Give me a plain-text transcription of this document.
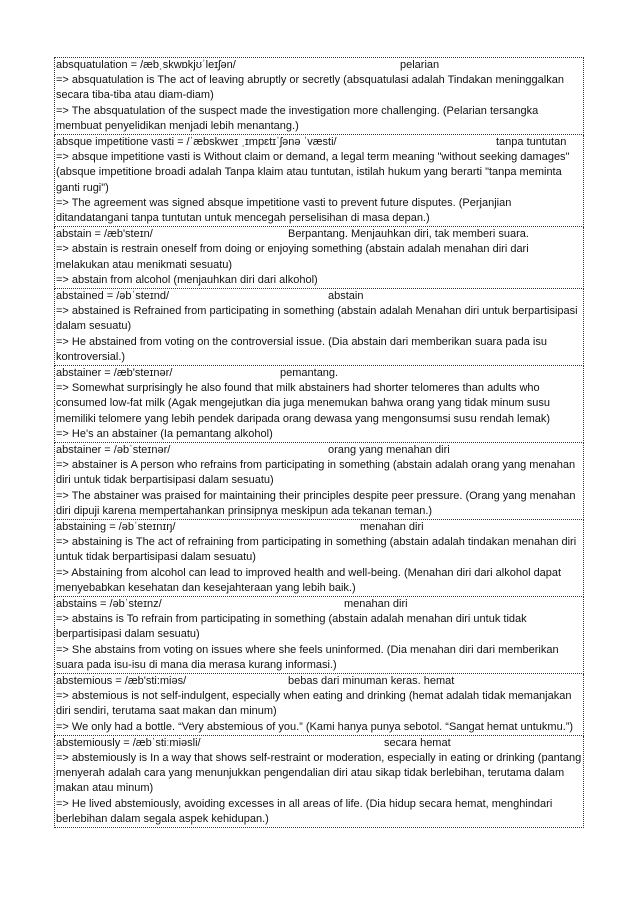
absquatulation = /æbˌskwɒkjʊˈleɪʃən/	pelarian
=> absquatulation is The act of leaving abruptly or secretly (absquatulasi adalah Tindakan meninggalkan secara tiba-tiba atau diam-diam)
=> The absquatulation of the suspect made the investigation more challenging. (Pelarian tersangka membuat penyelidikan menjadi lebih menantang.)
absque impetitione vasti = /ˈæbskweɪ ˌɪmpɛtɪˈʃənə ˈvæsti/	tanpa tuntutan
=> absque impetitione vasti is Without claim or demand, a legal term meaning "without seeking damages" (absque impetitione broadi adalah Tanpa klaim atau tuntutan, istilah hukum yang berarti "tanpa meminta ganti rugi")
=> The agreement was signed absque impetitione vasti to prevent future disputes. (Perjanjian ditandatangani tanpa tuntutan untuk mencegah perselisihan di masa depan.)
abstain = /æb'steɪn/	Berpantang. Menjauhkan diri, tak memberi suara.
=> abstain is restrain oneself from doing or enjoying something (abstain adalah menahan diri dari melakukan atau menikmati sesuatu)
=> abstain from alcohol (menjauhkan diri dari alkohol)
abstained = /əbˈsteɪnd/	abstain
=> abstained is Refrained from participating in something (abstain adalah Menahan diri untuk berpartisipasi dalam sesuatu)
=> He abstained from voting on the controversial issue. (Dia abstain dari memberikan suara pada isu kontroversial.)
abstainer = /æb'steɪnər/	pemantang.
=> Somewhat surprisingly he also found that milk abstainers had shorter telomeres than adults who consumed low-fat milk (Agak mengejutkan dia juga menemukan bahwa orang yang tidak minum susu memiliki telomere yang lebih pendek daripada orang dewasa yang mengonsumsi susu rendah lemak)
=> He's an abstainer (Ia pemantang alkohol)
abstainer = /əbˈsteɪnər/	orang yang menahan diri
=> abstainer is A person who refrains from participating in something (abstain adalah orang yang menahan diri untuk tidak berpartisipasi dalam sesuatu)
=> The abstainer was praised for maintaining their principles despite peer pressure. (Orang yang menahan diri dipuji karena mempertahankan prinsipnya meskipun ada tekanan teman.)
abstaining = /əbˈsteɪnɪŋ/	menahan diri
=> abstaining is The act of refraining from participating in something (abstain adalah tindakan menahan diri untuk tidak berpartisipasi dalam sesuatu)
=> Abstaining from alcohol can lead to improved health and well-being. (Menahan diri dari alkohol dapat menyebabkan kesehatan dan kesejahteraan yang lebih baik.)
abstains = /əbˈsteɪnz/	menahan diri
=> abstains is To refrain from participating in something (abstain adalah menahan diri untuk tidak berpartisipasi dalam sesuatu)
=> She abstains from voting on issues where she feels uninformed. (Dia menahan diri dari memberikan suara pada isu-isu di mana dia merasa kurang informasi.)
abstemious = /æb'sti:miəs/	bebas dari minuman keras. hemat
=> abstemious is not self-indulgent, especially when eating and drinking (hemat adalah tidak memanjakan diri sendiri, terutama saat makan dan minum)
=> We only had a bottle. “Very abstemious of you.” (Kami hanya punya sebotol. “Sangat hemat untukmu.”)
abstemiously = /æbˈstiːmiəsli/	secara hemat
=> abstemiously is In a way that shows self-restraint or moderation, especially in eating or drinking (pantang menyerah adalah cara yang menunjukkan pengendalian diri atau sikap tidak berlebihan, terutama dalam makan atau minum)
=> He lived abstemiously, avoiding excesses in all areas of life. (Dia hidup secara hemat, menghindari berlebihan dalam segala aspek kehidupan.)
